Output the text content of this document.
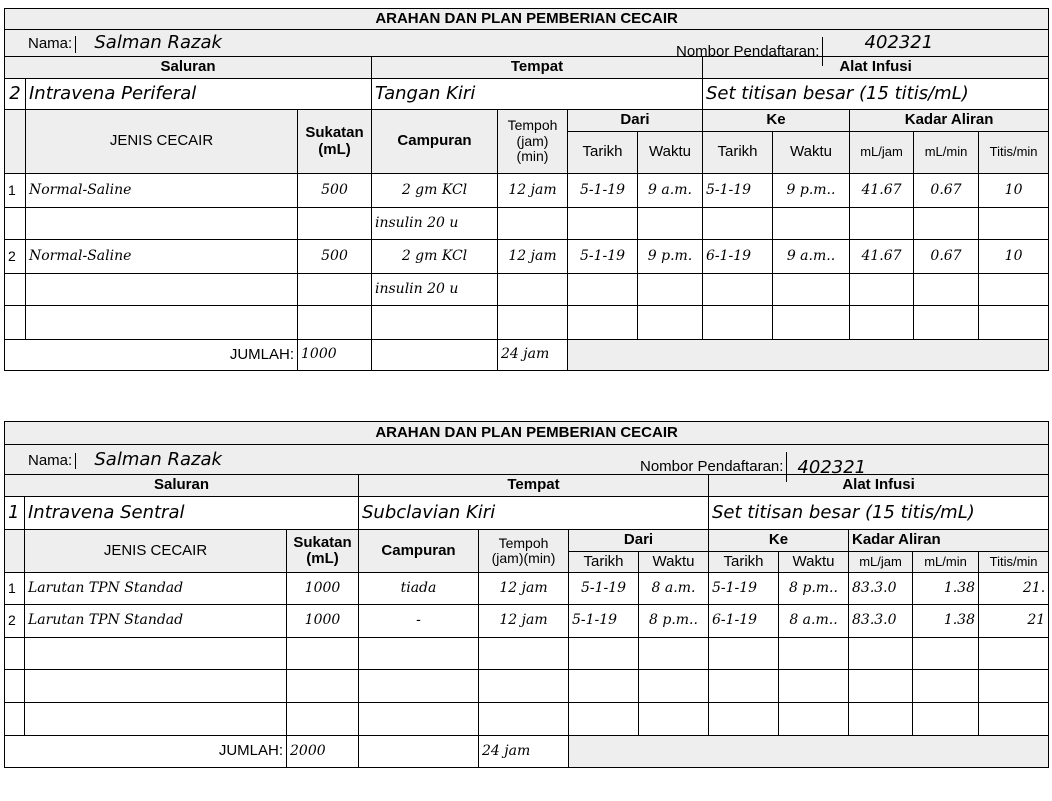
ARAHAN DAN PLAN PEMBERIAN CECAIR											
Nama: Salman Razak									402321		
Saluran			Tempat				Alat Infusi				
2	Intravena Periferal		Tangan Kiri				Set titisan besar (15 titis/mL)				
	JENIS CECAIR	Sukatan (mL)	Campuran	Tempoh (jam)(min)	Dari		Ke		Kadar Aliran		
					Tarikh	Waktu	Tarikh	Waktu	mL/jam	mL/min	Titis/min
1	Normal-Saline	500	2 gm KCl	12 jam	5-1-19	9 a.m.	5-1-19	9 p.m..	41.67	0.67	10
			insulin 20 u								
2	Normal-Saline	500	2 gm KCl	12 jam	5-1-19	9 p.m.	6-1-19	9 a.m..	41.67	0.67	10
			insulin 20 u								

JUMLAH:		1000		24 jam							
Nombor Pendaftaran:
ARAHAN DAN PLAN PEMBERIAN CECAIR											
Nama: Salman Razak											
Saluran			Tempat				Alat Infusi				
1	Intravena Sentral		Subclavian Kiri				Set titisan besar (15 titis/mL)				
	JENIS CECAIR	Sukatan (mL)	Campuran	Tempoh (jam)(min)	Dari		Ke		Kadar Aliran		
					Tarikh	Waktu	Tarikh	Waktu	mL/jam	mL/min	Titis/min
1	Larutan TPN Standad	1000	tiada	12 jam	5-1-19	8 a.m.	5-1-19	8 p.m..	83.3.0	1.38	21.
2	Larutan TPN Standad	1000	-	12 jam	5-1-19	8 p.m..	6-1-19	8 a.m..	83.3.0	1.38	21

JUMLAH:		2000		24 jam							
Nombor Pendaftaran: 402321
